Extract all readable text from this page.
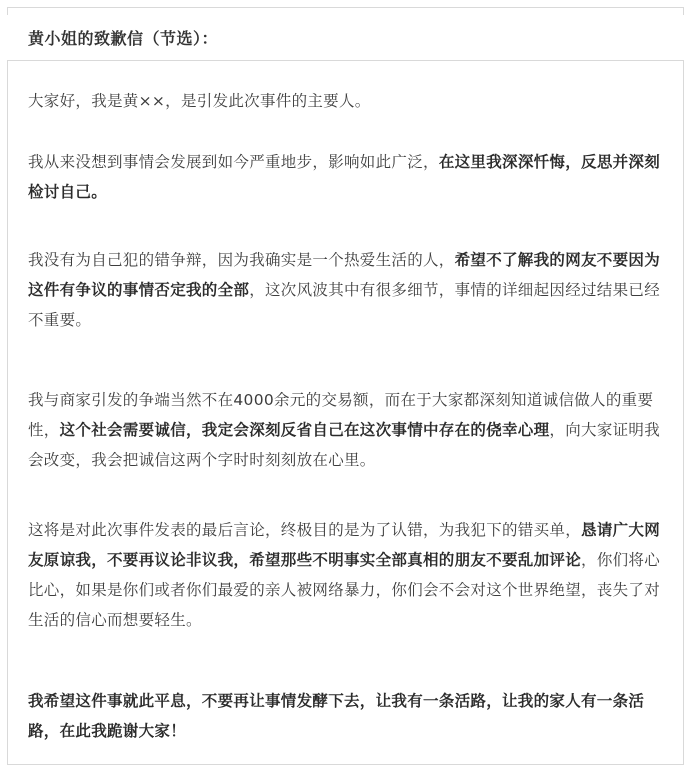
黄小姐的致歉信（节选）：

大家好，我是黄××，是引发此次事件的主要人。

我从来没想到事情会发展到如今严重地步，影响如此广泛，在这里我深深忏悔，反思并深刻检讨自己。

我没有为自己犯的错争辩，因为我确实是一个热爱生活的人，希望不了解我的网友不要因为这件有争议的事情否定我的全部，这次风波其中有很多细节，事情的详细起因经过结果已经不重要。

我与商家引发的争端当然不在4000余元的交易额，而在于大家都深刻知道诚信做人的重要性，这个社会需要诚信，我定会深刻反省自己在这次事情中存在的侥幸心理，向大家证明我会改变，我会把诚信这两个字时时刻刻放在心里。

这将是对此次事件发表的最后言论，终极目的是为了认错，为我犯下的错买单，恳请广大网友原谅我，不要再议论非议我，希望那些不明事实全部真相的朋友不要乱加评论，你们将心比心，如果是你们或者你们最爱的亲人被网络暴力，你们会不会对这个世界绝望，丧失了对生活的信心而想要轻生。

我希望这件事就此平息，不要再让事情发酵下去，让我有一条活路，让我的家人有一条活路，在此我跪谢大家！
